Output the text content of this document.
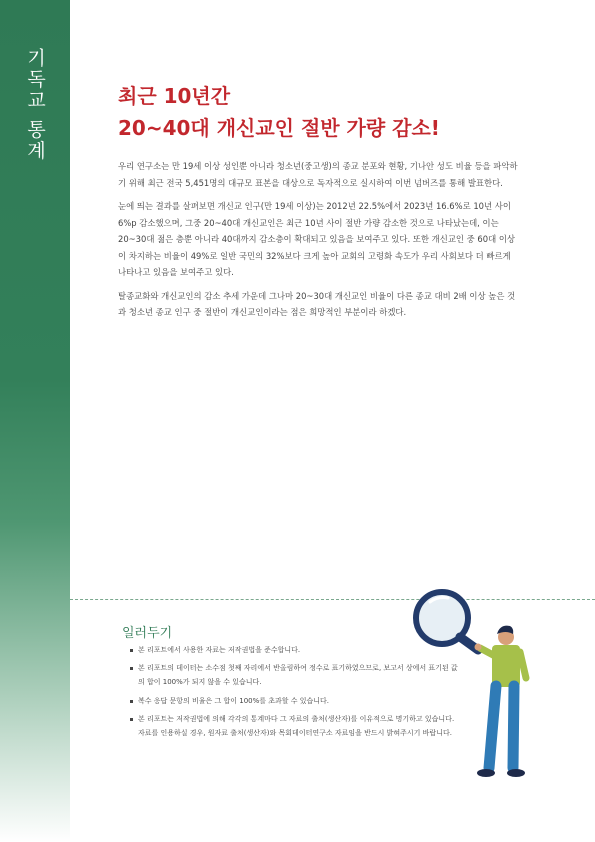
기독교 통계	최근 10년간
20~40대 개신교인 절반 가량 감소!

우리 연구소는 만 19세 이상 성인뿐 아니라 청소년(중고생)의 종교 분포와 현황, 기나안 성도 비율 등을 파악하기 위해 최근 전국 5,451명의 대규모 표본을 대상으로 독자적으로 실시하여 이번 넘버즈를 통해 발표한다.

눈에 띄는 결과를 살펴보면 개신교 인구(만 19세 이상)는 2012년 22.5%에서 2023년 16.6%로 10년 사이 6%p 감소했으며, 그중 20~40대 개신교인은 최근 10년 사이 절반 가량 감소한 것으로 나타났는데, 이는 20~30대 젊은 층뿐 아니라 40대까지 감소층이 확대되고 있음을 보여주고 있다. 또한 개신교인 중 60대 이상이 차지하는 비율이 49%로 일반 국민의 32%보다 크게 높아 교회의 고령화 속도가 우리 사회보다 더 빠르게 나타나고 있음을 보여주고 있다.

탈종교화와 개신교인의 감소 추세 가운데 그나마 20~30대 개신교인 비율이 다른 종교 대비 2배 이상 높은 것과 청소년 종교 인구 중 절반이 개신교인이라는 점은 희망적인 부분이라 하겠다.

일러두기
본 리포트에서 사용한 자료는 저작권법을 준수합니다.
본 리포트의 데이터는 소수점 첫째 자리에서 반올림하여 정수로 표기하였으므로, 보고서 상에서 표기된 값의 합이 100%가 되지 않을 수 있습니다.
복수 응답 문항의 비율은 그 합이 100%를 초과할 수 있습니다.
본 리포트는 저작권법에 의해 각각의 통계마다 그 자료의 출처(생산자)를 이유적으로 명기하고 있습니다. 자료를 인용하실 경우, 원자료 출처(생산자)와 목회데이터연구소 자료임을 반드시 밝혀주시기 바랍니다.
